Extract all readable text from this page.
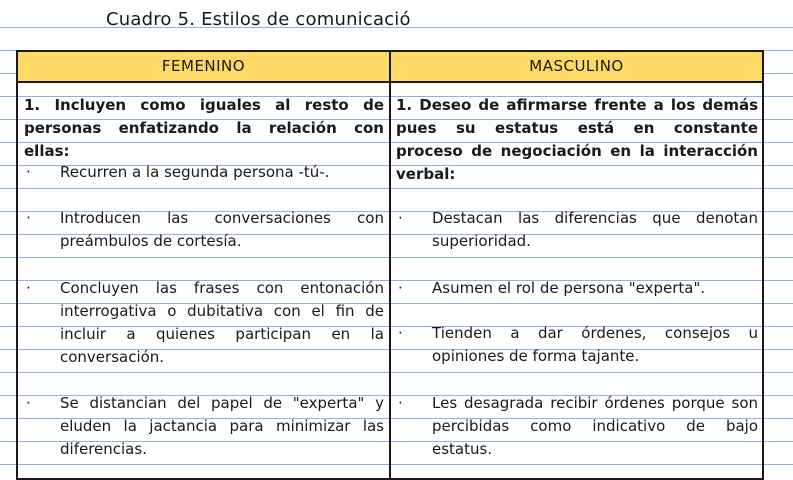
Cuadro 5. Estilos de comunicació
FEMENINO	MASCULINO
1. Incluyen como iguales al resto de personas enfatizando la relación con ellas:
· Recurren a la segunda persona -tú-.
· Introducen las conversaciones con preámbulos de cortesía.
· Concluyen las frases con entonación interrogativa o dubitativa con el fin de incluir a quienes participan en la conversación.
· Se distancian del papel de "experta" y eluden la jactancia para minimizar las diferencias.
1. Deseo de afirmarse frente a los demás pues su estatus está en constante proceso de negociación en la interacción verbal:
· Destacan las diferencias que denotan superioridad.
· Asumen el rol de persona "experta".
· Tienden a dar órdenes, consejos u opiniones de forma tajante.
· Les desagrada recibir órdenes porque son percibidas como indicativo de bajo estatus.
